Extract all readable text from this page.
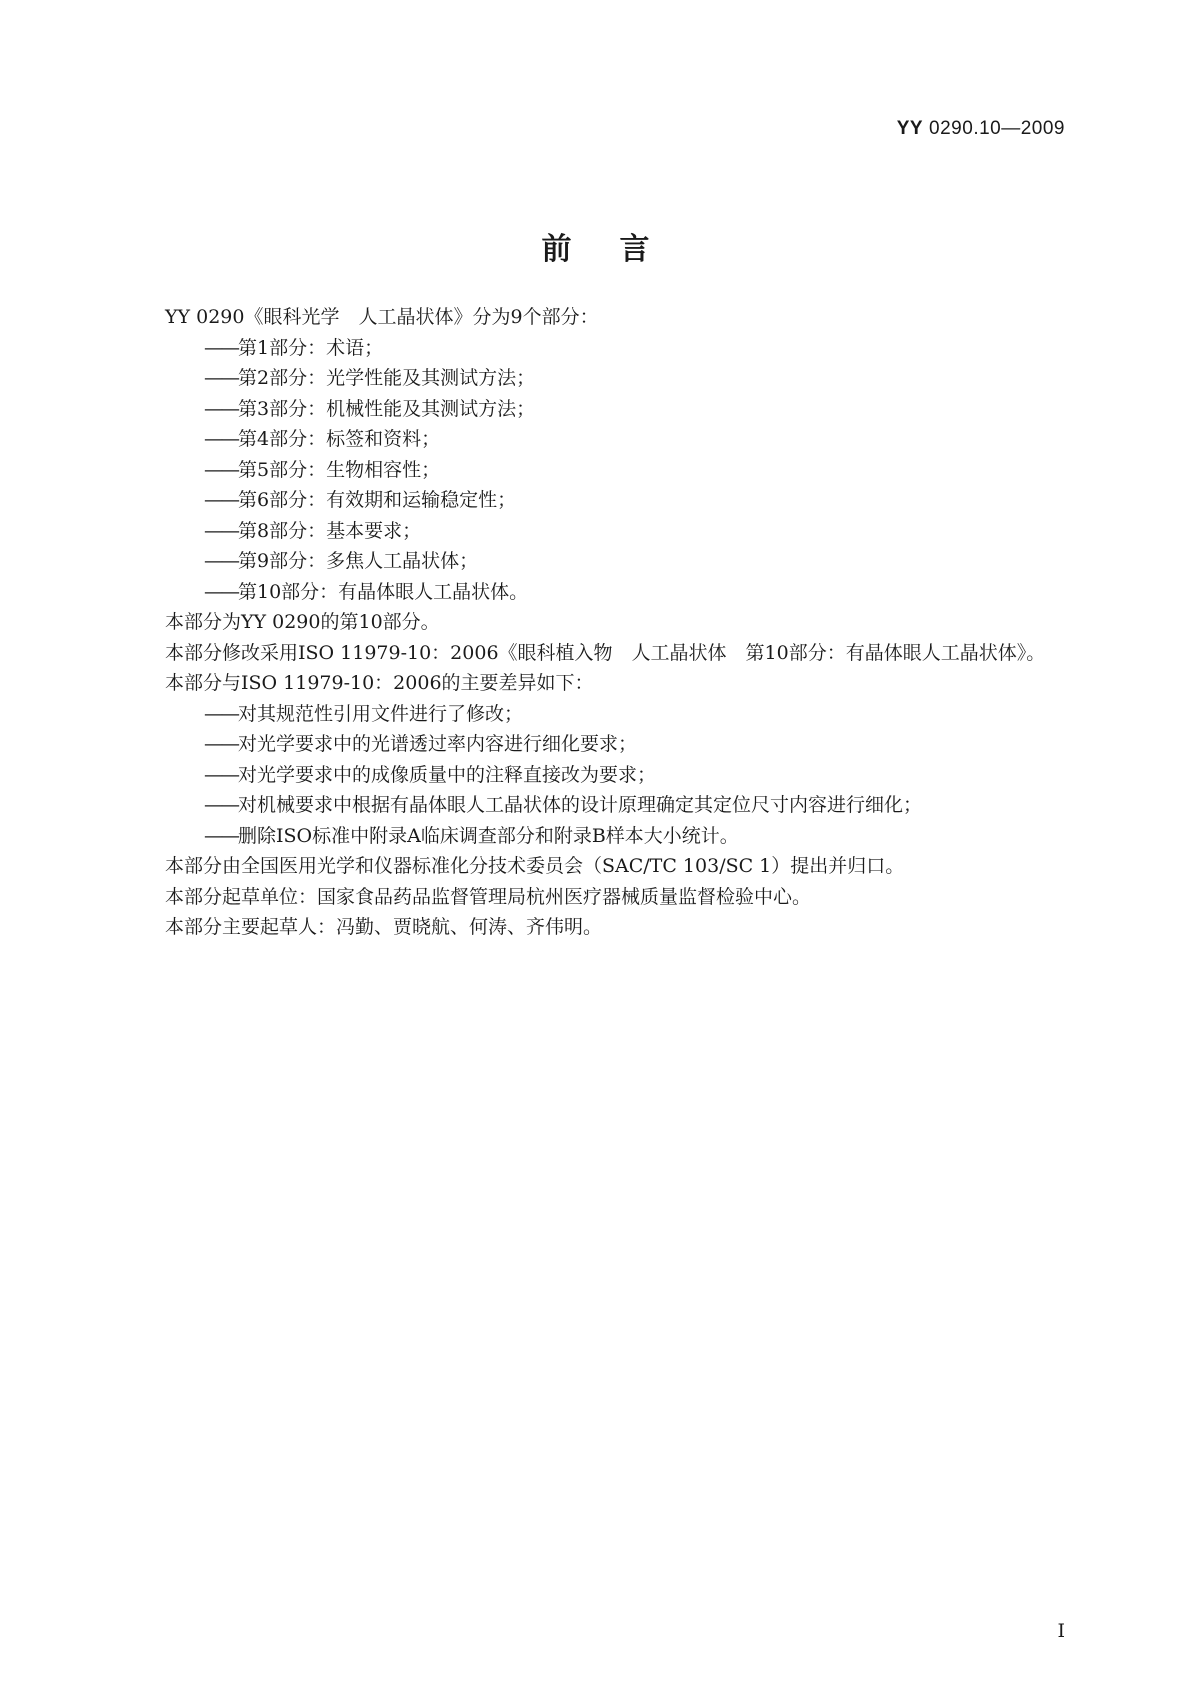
YY 0290.10—2009
前言

YY 0290《眼科光学　人工晶状体》分为9个部分：

——第1部分：术语；

——第2部分：光学性能及其测试方法；

——第3部分：机械性能及其测试方法；

——第4部分：标签和资料；

——第5部分：生物相容性；

——第6部分：有效期和运输稳定性；

——第8部分：基本要求；

——第9部分：多焦人工晶状体；

——第10部分：有晶体眼人工晶状体。

本部分为YY 0290的第10部分。

本部分修改采用ISO 11979-10：2006《眼科植入物　人工晶状体　第10部分：有晶体眼人工晶状体》。

本部分与ISO 11979-10：2006的主要差异如下：

——对其规范性引用文件进行了修改；

——对光学要求中的光谱透过率内容进行细化要求；

——对光学要求中的成像质量中的注释直接改为要求；

——对机械要求中根据有晶体眼人工晶状体的设计原理确定其定位尺寸内容进行细化；

——删除ISO标准中附录A临床调查部分和附录B样本大小统计。

本部分由全国医用光学和仪器标准化分技术委员会（SAC/TC 103/SC 1）提出并归口。

本部分起草单位：国家食品药品监督管理局杭州医疗器械质量监督检验中心。

本部分主要起草人：冯勤、贾晓航、何涛、齐伟明。

I
